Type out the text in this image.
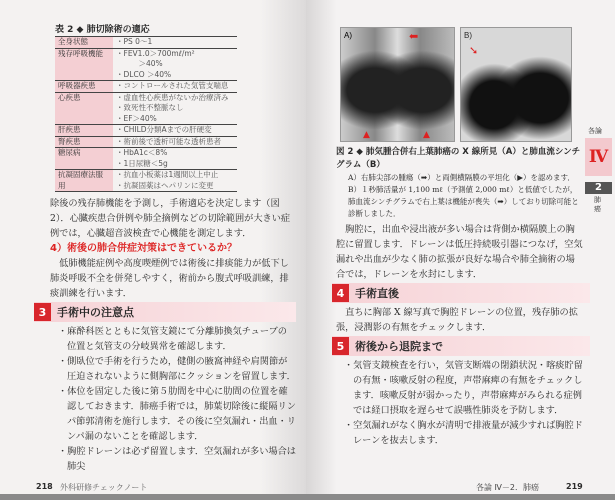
表 2 ◆ 肺切除術の適応
全身状態	・PS 0〜1

残存呼吸機能	・FEV1.0＞700mℓ/m²
　　　＞40%
・DLCO ＞40%

呼吸器疾患	・コントロールされた気管支喘息

心疾患	・虚血性心疾患がないか治療済み
・致死性不整脈なし
・EF＞40%

肝疾患	・CHILD分類Aまでの肝硬変

腎疾患	・術前後で透析可能な透析患者

糖尿病	・HbA1c＜8%
・1日尿糖＜5g

抗凝固療法服用	・抗血小板薬は1週間以上中止
・抗凝固薬はヘパリンに変更
除後の残存肺機能を予測し，手術適応を決定します（図 2）．心臓疾患合併例や肺全摘例などの切除範囲が大きい症例では，心臓超音波検査で心機能を測定します．
4）術後の肺合併症対策はできているか？
　低肺機能症例や高度喫煙例では術後に排痰能力が低下し肺炎呼吸不全を併発しやすく，術前から腹式呼吸訓練，排痰訓練を行います．
3 手術中の注意点
・麻酔科医とともに気管支鏡にて分離肺換気チューブの位置と気管支の分岐異常を確認します．
・側臥位で手術を行うため，健側の腋窩神経や肩関節が圧迫されないように側胸部にクッションを留置します．
・体位を固定した後に第５肋間を中心に肋間の位置を確認しておきます．肺癌手術では，肺葉切除後に縦隔リンパ節郭清術を施行します．その後に空気漏れ・出血・リンパ漏のないことを確認します．
・胸腔ドレーンは必ず留置します．空気漏れが多い場合は肺尖
218 外科研修チェックノート
A)	⬅
▲	▲
B)
➘
図 2 ◆ 肺気腫合併右上葉肺癌の X 線所見（A）と肺血流シンチグラム（B）
A）右肺尖部の腫瘍（➡）と両側横隔膜の平坦化（▶）を認めます．
B）１秒肺活量が 1,100 mℓ（予測値 2,000 mℓ）と低値でしたが，肺血流シンチグラムで右上葉は機能が喪失（➡）しており切除可能と診断しました．
　胸腔に，出血や浸出液が多い場合は背側か横隔膜上の胸腔に留置します．ドレーンは低圧持続吸引器につなげ，空気漏れや出血が少なく肺の拡張が良好な場合や肺全摘術の場合では，ドレーンを水封にします．
4 手術直後
　直ちに胸部 X 線写真で胸腔ドレーンの位置，残存肺の拡張，浸潤影の有無をチェックします．
5 術後から退院まで
・気管支鏡検査を行い，気管支断端の閉鎖状況・喀痰貯留の有無・咳嗽反射の程度，声帯麻痺の有無をチェックします．咳嗽反射が弱かったり，声帯麻痺がみられる症例では経口摂取を遅らせて誤嚥性肺炎を予防します．
・空気漏れがなく胸水が清明で排液量が減少すれば胸腔ドレーンを抜去します．
各論 Ⅳ－2．肺癌	219
各論
Ⅳ
2
肺癌
